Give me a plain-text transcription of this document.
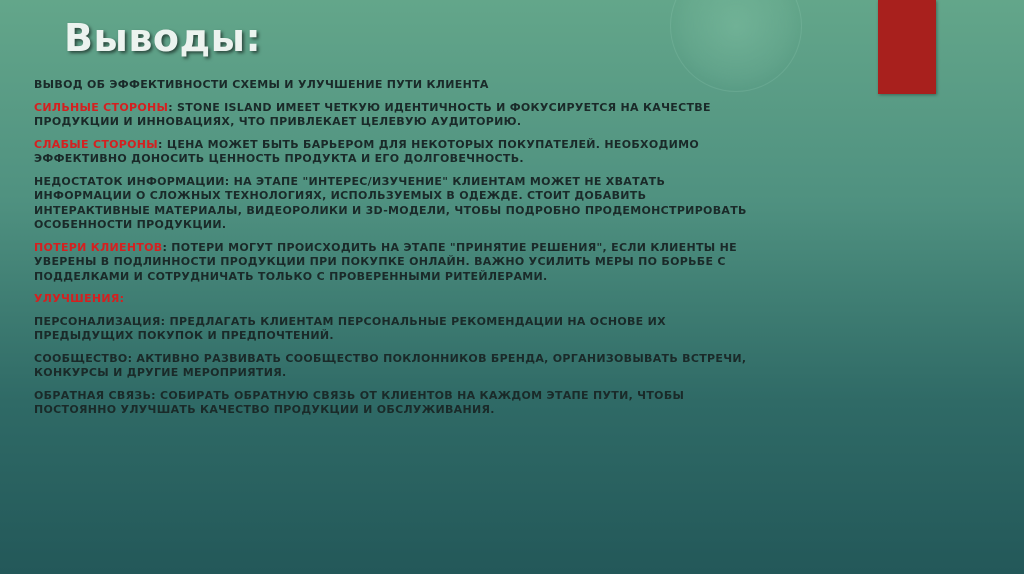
Выводы:

ВЫВОД ОБ ЭФФЕКТИВНОСТИ СХЕМЫ И УЛУЧШЕНИЕ ПУТИ КЛИЕНТА

СИЛЬНЫЕ СТОРОНЫ: STONE ISLAND ИМЕЕТ ЧЕТКУЮ ИДЕНТИЧНОСТЬ И ФОКУСИРУЕТСЯ НА КАЧЕСТВЕ ПРОДУКЦИИ И ИННОВАЦИЯХ, ЧТО ПРИВЛЕКАЕТ ЦЕЛЕВУЮ АУДИТОРИЮ.

СЛАБЫЕ СТОРОНЫ: ЦЕНА МОЖЕТ БЫТЬ БАРЬЕРОМ ДЛЯ НЕКОТОРЫХ ПОКУПАТЕЛЕЙ. НЕОБХОДИМО ЭФФЕКТИВНО ДОНОСИТЬ ЦЕННОСТЬ ПРОДУКТА И ЕГО ДОЛГОВЕЧНОСТЬ.

НЕДОСТАТОК ИНФОРМАЦИИ: НА ЭТАПЕ "ИНТЕРЕС/ИЗУЧЕНИЕ" КЛИЕНТАМ МОЖЕТ НЕ ХВАТАТЬ ИНФОРМАЦИИ О СЛОЖНЫХ ТЕХНОЛОГИЯХ, ИСПОЛЬЗУЕМЫХ В ОДЕЖДЕ. СТОИТ ДОБАВИТЬ ИНТЕРАКТИВНЫЕ МАТЕРИАЛЫ, ВИДЕОРОЛИКИ И 3D-МОДЕЛИ, ЧТОБЫ ПОДРОБНО ПРОДЕМОНСТРИРОВАТЬ ОСОБЕННОСТИ ПРОДУКЦИИ.

ПОТЕРИ КЛИЕНТОВ: ПОТЕРИ МОГУТ ПРОИСХОДИТЬ НА ЭТАПЕ "ПРИНЯТИЕ РЕШЕНИЯ", ЕСЛИ КЛИЕНТЫ НЕ УВЕРЕНЫ В ПОДЛИННОСТИ ПРОДУКЦИИ ПРИ ПОКУПКЕ ОНЛАЙН. ВАЖНО УСИЛИТЬ МЕРЫ ПО БОРЬБЕ С ПОДДЕЛКАМИ И СОТРУДНИЧАТЬ ТОЛЬКО С ПРОВЕРЕННЫМИ РИТЕЙЛЕРАМИ.

УЛУЧШЕНИЯ:

ПЕРСОНАЛИЗАЦИЯ: ПРЕДЛАГАТЬ КЛИЕНТАМ ПЕРСОНАЛЬНЫЕ РЕКОМЕНДАЦИИ НА ОСНОВЕ ИХ ПРЕДЫДУЩИХ ПОКУПОК И ПРЕДПОЧТЕНИЙ.

СООБЩЕСТВО: АКТИВНО РАЗВИВАТЬ СООБЩЕСТВО ПОКЛОННИКОВ БРЕНДА, ОРГАНИЗОВЫВАТЬ ВСТРЕЧИ, КОНКУРСЫ И ДРУГИЕ МЕРОПРИЯТИЯ.

ОБРАТНАЯ СВЯЗЬ: СОБИРАТЬ ОБРАТНУЮ СВЯЗЬ ОТ КЛИЕНТОВ НА КАЖДОМ ЭТАПЕ ПУТИ, ЧТОБЫ ПОСТОЯННО УЛУЧШАТЬ КАЧЕСТВО ПРОДУКЦИИ И ОБСЛУЖИВАНИЯ.
